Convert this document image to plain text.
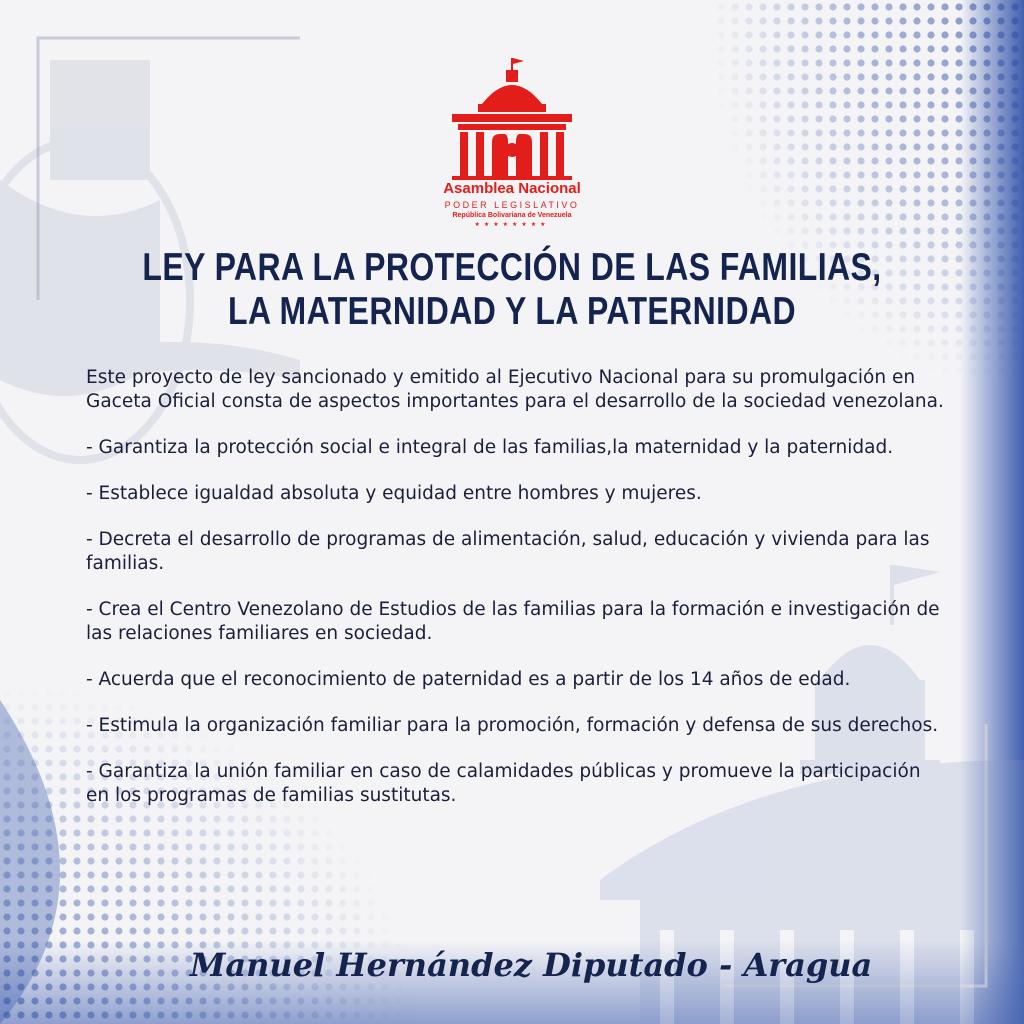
Asamblea Nacional
PODER LEGISLATIVO
República Bolivariana de Venezuela
★★★★★★★★
LEY PARA LA PROTECCIÓN DE LAS FAMILIAS,
LA MATERNIDAD Y LA PATERNIDAD

Este proyecto de ley sancionado y emitido al Ejecutivo Nacional para su promulgación en Gaceta Oficial consta de aspectos importantes para el desarrollo de la sociedad venezolana.

- Garantiza la protección social e integral de las familias,la maternidad y la paternidad.

- Establece igualdad absoluta y equidad entre hombres y mujeres.

- Decreta el desarrollo de programas de alimentación, salud, educación y vivienda para las familias.

- Crea el Centro Venezolano de Estudios de las familias para la formación e investigación de las relaciones familiares en sociedad.

- Acuerda que el reconocimiento de paternidad es a partir de los 14 años de edad.

- Estimula la organización familiar para la promoción, formación y defensa de sus derechos.

- Garantiza la unión familiar en caso de calamidades públicas y promueve la participación en los programas de familias sustitutas.

Manuel Hernández Diputado - Aragua
